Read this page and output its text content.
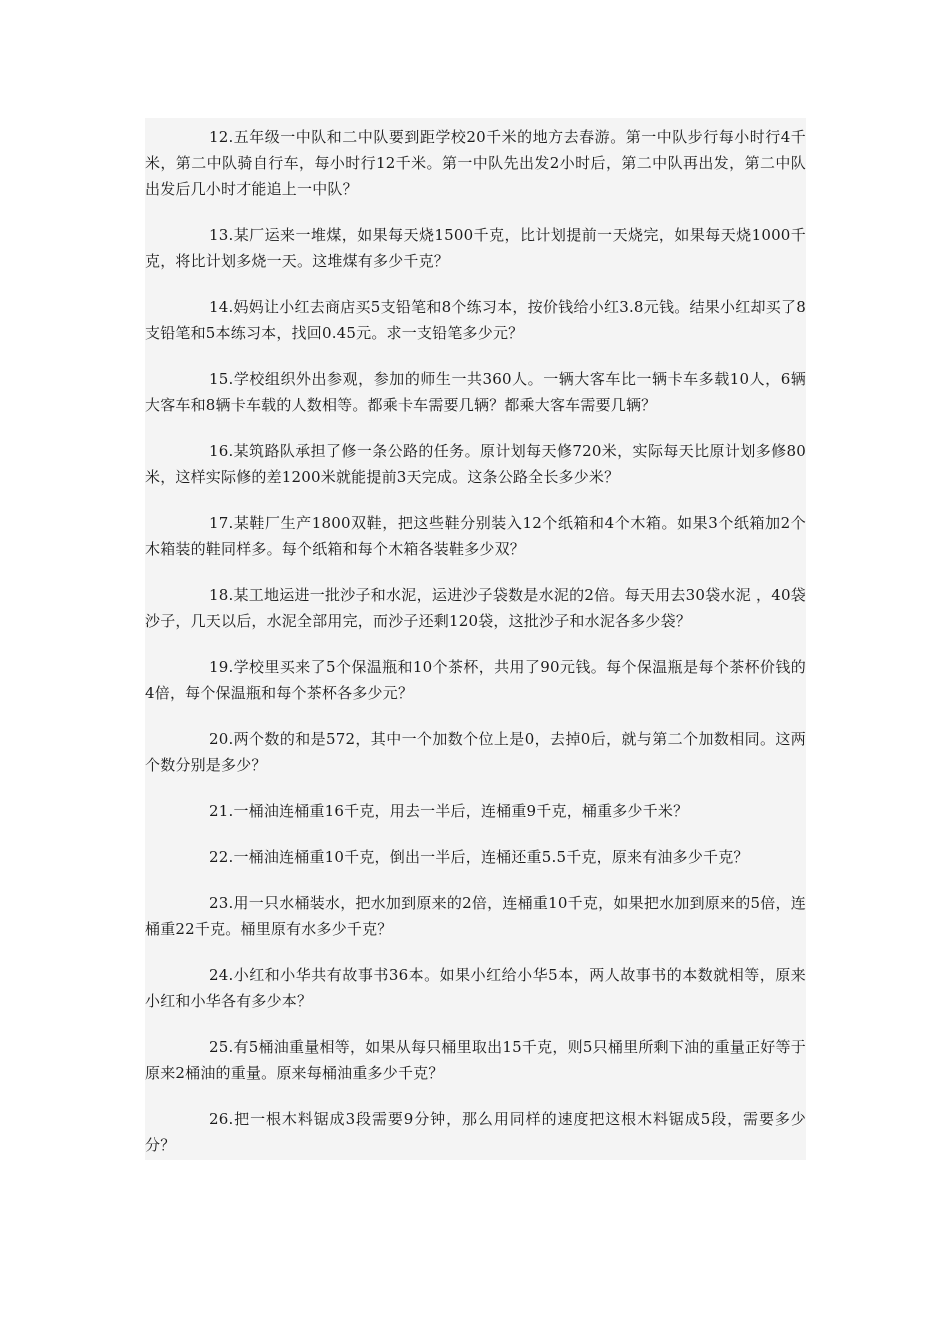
12.五年级一中队和二中队要到距学校20千米的地方去春游。第一中队步行每小时行4千米，第二中队骑自行车，每小时行12千米。第一中队先出发2小时后，第二中队再出发，第二中队出发后几小时才能追上一中队？

13.某厂运来一堆煤，如果每天烧1500千克，比计划提前一天烧完，如果每天烧1000千克，将比计划多烧一天。这堆煤有多少千克？

14.妈妈让小红去商店买5支铅笔和8个练习本，按价钱给小红3.8元钱。结果小红却买了8支铅笔和5本练习本，找回0.45元。求一支铅笔多少元？

15.学校组织外出参观，参加的师生一共360人。一辆大客车比一辆卡车多载10人，6辆大客车和8辆卡车载的人数相等。都乘卡车需要几辆？都乘大客车需要几辆？

16.某筑路队承担了修一条公路的任务。原计划每天修720米，实际每天比原计划多修80米，这样实际修的差1200米就能提前3天完成。这条公路全长多少米？

17.某鞋厂生产1800双鞋，把这些鞋分别装入12个纸箱和4个木箱。如果3个纸箱加2个木箱装的鞋同样多。每个纸箱和每个木箱各装鞋多少双？

18.某工地运进一批沙子和水泥，运进沙子袋数是水泥的2倍。每天用去30袋水泥 ，40袋沙子，几天以后，水泥全部用完，而沙子还剩120袋，这批沙子和水泥各多少袋？

19.学校里买来了5个保温瓶和10个茶杯，共用了90元钱。每个保温瓶是每个茶杯价钱的4倍，每个保温瓶和每个茶杯各多少元？

20.两个数的和是572，其中一个加数个位上是0，去掉0后，就与第二个加数相同。这两个数分别是多少？

21.一桶油连桶重16千克，用去一半后，连桶重9千克，桶重多少千米？

22.一桶油连桶重10千克，倒出一半后，连桶还重5.5千克，原来有油多少千克？

23.用一只水桶装水，把水加到原来的2倍，连桶重10千克，如果把水加到原来的5倍，连桶重22千克。桶里原有水多少千克？

24.小红和小华共有故事书36本。如果小红给小华5本，两人故事书的本数就相等，原来小红和小华各有多少本？

25.有5桶油重量相等，如果从每只桶里取出15千克，则5只桶里所剩下油的重量正好等于原来2桶油的重量。原来每桶油重多少千克？

26.把一根木料锯成3段需要9分钟，那么用同样的速度把这根木料锯成5段，需要多少分？
